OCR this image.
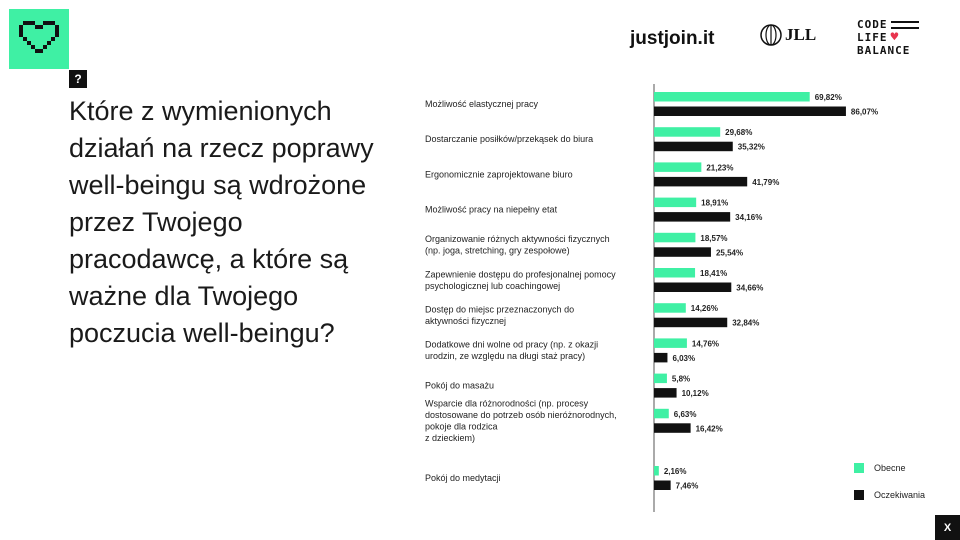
?

Które z wymienionych działań na rzecz poprawy well-beingu są wdrożone przez Twojego pracodawcę, a które są ważne dla Twojego poczucia well-beingu?

justjoin.it	JLL
CODE
LIFE ♥
BALANCE
Możliwość elastycznej pracy
69,82%
86,07%
Dostarczanie posiłków/przekąsek do biura
29,68%
35,32%
Ergonomicznie zaprojektowane biuro
21,23%
41,79%
Możliwość pracy na niepełny etat
18,91%
34,16%
Organizowanie różnych aktywności fizycznych (np. joga, stretching, gry zespołowe)
18,57%
25,54%
Zapewnienie dostępu do profesjonalnej pomocy psychologicznej lub coachingowej
18,41%
34,66%
Dostęp do miejsc przeznaczonych do aktywności fizycznej
14,26%
32,84%
Dodatkowe dni wolne od pracy (np. z okazji urodzin, ze względu na długi staż pracy)
14,76%
6,03%
Pokój do masażu
5,8%
10,12%
Wsparcie dla różnorodności (np. procesy dostosowane do potrzeb osób nieróżnorodnych, pokoje dla rodzica z dzieckiem)
6,63%
16,42%
Pokój do medytacji
2,16%
7,46%
Obecne
Oczekiwania
X
